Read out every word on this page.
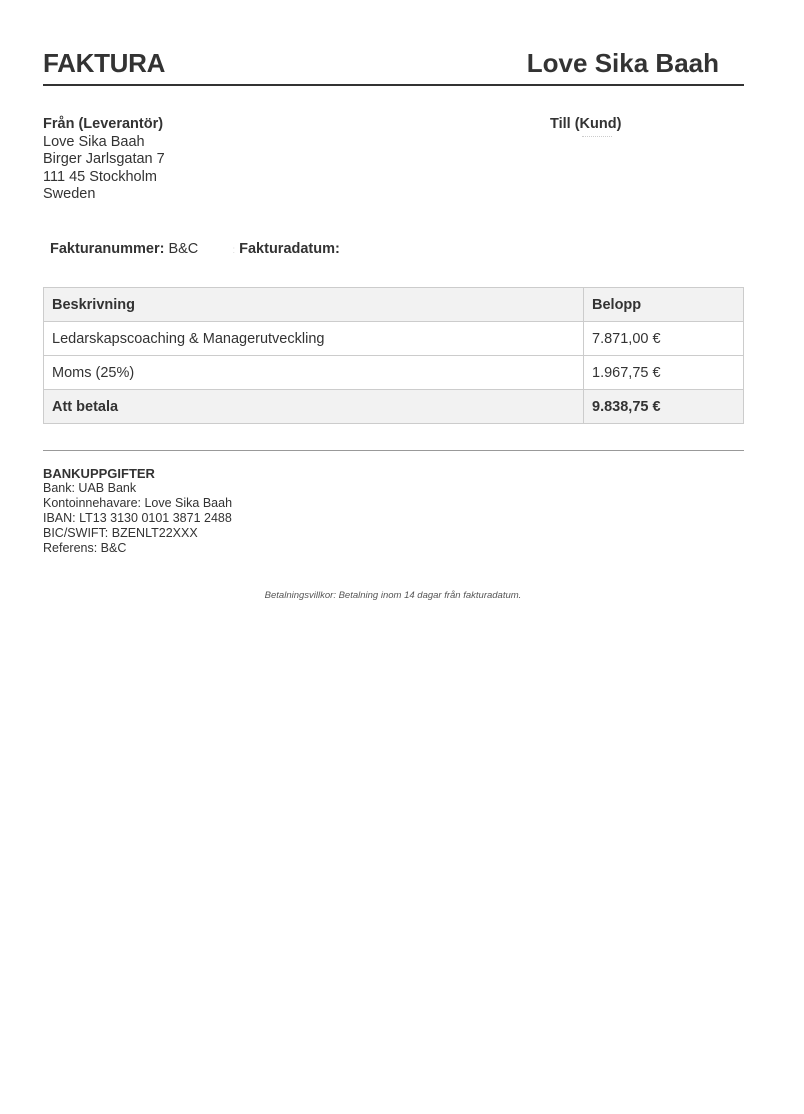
FAKTURA	Love Sika Baah
Från (Leverantör)
Love Sika Baah
Birger Jarlsgatan 7
111 45 Stockholm
Sweden
Till (Kund)
Fakturanummer: B&C	: Fakturadatum:
Beskrivning	Belopp
Ledarskapscoaching & Managerutveckling	7.871,00 €
Moms (25%)	1.967,75 €
Att betala	9.838,75 €
BANKUPPGIFTER
Bank: UAB Bank
Kontoinnehavare: Love Sika Baah
IBAN: LT13 3130 0101 3871 2488
BIC/SWIFT: BZENLT22XXX
Referens: B&C
Betalningsvillkor: Betalning inom 14 dagar från fakturadatum.
